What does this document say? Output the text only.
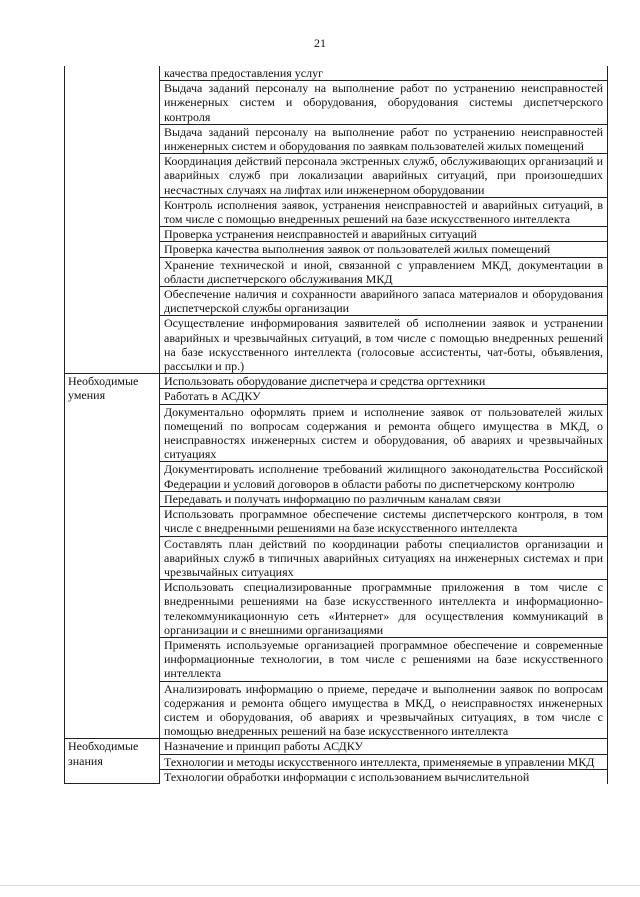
21
	качества предоставления услуг
	Выдача заданий персоналу на выполнение работ по устранению неисправностей инженерных систем и оборудования, оборудования системы диспетчерского контроля
	Выдача заданий персоналу на выполнение работ по устранению неисправностей инженерных систем и оборудования по заявкам пользователей жилых помещений
	Координация действий персонала экстренных служб, обслуживающих организаций и аварийных служб при локализации аварийных ситуаций, при произошедших несчастных случаях на лифтах или инженерном оборудовании
	Контроль исполнения заявок, устранения неисправностей и аварийных ситуаций, в том числе с помощью внедренных решений на базе искусственного интеллекта
	Проверка устранения неисправностей и аварийных ситуаций
	Проверка качества выполнения заявок от пользователей жилых помещений
	Хранение технической и иной, связанной с управлением МКД, документации в области диспетчерского обслуживания МКД
	Обеспечение наличия и сохранности аварийного запаса материалов и оборудования диспетчерской службы организации
	Осуществление информирования заявителей об исполнении заявок и устранении аварийных и чрезвычайных ситуаций, в том числе с помощью внедренных решений на базе искусственного интеллекта (голосовые ассистенты, чат-боты, объявления, рассылки и пр.)
Необходимые умения	Использовать оборудование диспетчера и средства оргтехники
	Работать в АСДКУ
	Документально оформлять прием и исполнение заявок от пользователей жилых помещений по вопросам содержания и ремонта общего имущества в МКД, о неисправностях инженерных систем и оборудования, об авариях и чрезвычайных ситуациях
	Документировать исполнение требований жилищного законодательства Российской Федерации и условий договоров в области работы по диспетчерскому контролю
	Передавать и получать информацию по различным каналам связи
	Использовать программное обеспечение системы диспетчерского контроля, в том числе с внедренными решениями на базе искусственного интеллекта
	Составлять план действий по координации работы специалистов организации и аварийных служб в типичных аварийных ситуациях на инженерных системах и при чрезвычайных ситуациях
	Использовать специализированные программные приложения в том числе с внедренными решениями на базе искусственного интеллекта и информационно-телекоммуникационную сеть «Интернет» для осуществления коммуникаций в организации и с внешними организациями
	Применять используемые организацией программное обеспечение и современные информационные технологии, в том числе с решениями на базе искусственного интеллекта
	Анализировать информацию о приеме, передаче и выполнении заявок по вопросам содержания и ремонта общего имущества в МКД, о неисправностях инженерных систем и оборудования, об авариях и чрезвычайных ситуациях, в том числе с помощью внедренных решений на базе искусственного интеллекта
Необходимые знания	Назначение и принцип работы АСДКУ
	Технологии и методы искусственного интеллекта, применяемые в управлении МКД
	Технологии обработки информации с использованием вычислительной
